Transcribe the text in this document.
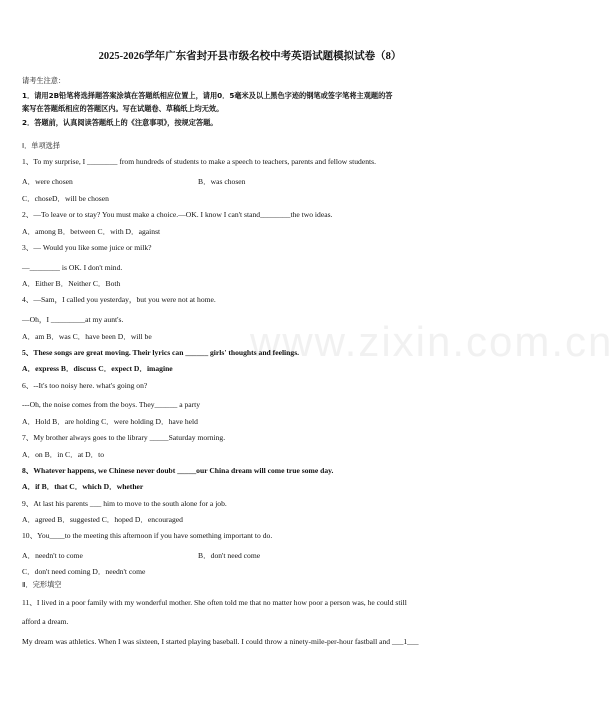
www.zixin.com.cn
2025-2026学年广东省封开县市级名校中考英语试题模拟试卷（8）
请考生注意：
1．请用2B铅笔将选择题答案涂填在答题纸相应位置上，请用0．5毫米及以上黑色字迹的钢笔或签字笔将主观题的答
案写在答题纸相应的答题区内。写在试题卷、草稿纸上均无效。
2．答题前，认真阅读答题纸上的《注意事项》，按规定答题。
Ⅰ．单项选择
1、To my surprise, I ________ from hundreds of students to make a speech to teachers, parents and fellow students.
A．were chosen	B．was chosen
C．choseD．will be chosen
2、—To leave or to stay? You must make a choice.—OK. I know I can't stand________the two ideas.
A．among B．between C．with D．against
3、— Would you like some juice or milk?
—________ is OK. I don't mind.
A．Either B．Neither C．Both
4、—Sam，I called you yesterday，but you were not at home.
—Oh，I _________at my aunt's.
A．am B．was C．have been D．will be
5、These songs are great moving. Their lyrics can ______ girls' thoughts and feelings.
A．express B．discuss C．expect D．imagine
6、--It's too noisy here. what's going on?
---Oh, the noise comes from the boys. They______ a party
A．Hold B．are holding C．were holding D．have held
7、My brother always goes to the library _____Saturday morning.
A．on B．in C．at D．to
8、Whatever happens, we Chinese never doubt _____our China dream will come true some day.
A．if B．that C．which D．whether
9、At last his parents ___ him to move to the south alone for a job.
A．agreed B．suggested C．hoped D．encouraged
10、You____to the meeting this afternoon if you have something important to do.
A．needn't to come	B．don't need come
C．don't need coming D．needn't come
Ⅱ．完形填空
11、I lived in a poor family with my wonderful mother. She often told me that no matter how poor a person was, he could still
afford a dream.
My dream was athletics. When I was sixteen, I started playing baseball. I could throw a ninety-mile-per-hour fastball and ___1___
